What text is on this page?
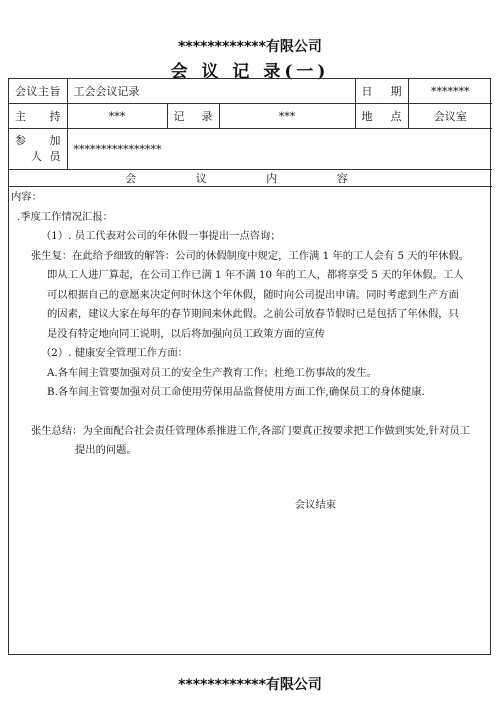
************有限公司
会 议 记 录(一)
会议主旨	工会会议记录			日 期	*******
主 持	***	记 录	***	地 点	会议室

参 加
人 员	****************				
会 议 内 容					

内容：

.季度工作情况汇报：

（1）. 员工代表对公司的年休假一事提出一点咨询；

张生复：在此给予细致的解答：公司的休假制度中规定，工作满 1 年的工人会有 5 天的年休假。

即从工人进厂算起，在公司工作已满 1 年不满 10 年的工人，都将享受 5 天的年休假。工人

可以根据自己的意愿来决定何时休这个年休假，随时向公司提出申请。同时考虑到生产方面

的因素，建议大家在每年的春节期间来休此假。之前公司放春节假时已是包括了年休假，只

是没有特定地向同工说明，以后将加强向员工政策方面的宣传

（2）. 健康安全管理工作方面：

A.各车间主管要加强对员工的安全生产教育工作；杜绝工伤事故的发生。

B.各车间主管要加强对员工命使用劳保用品监督使用方面工作,确保员工的身体健康.

张生总结：为全面配合社会责任管理体系推进工作,各部门要真正按要求把工作做到实处,针对员工

提出的问题。

会议结束

************有限公司
